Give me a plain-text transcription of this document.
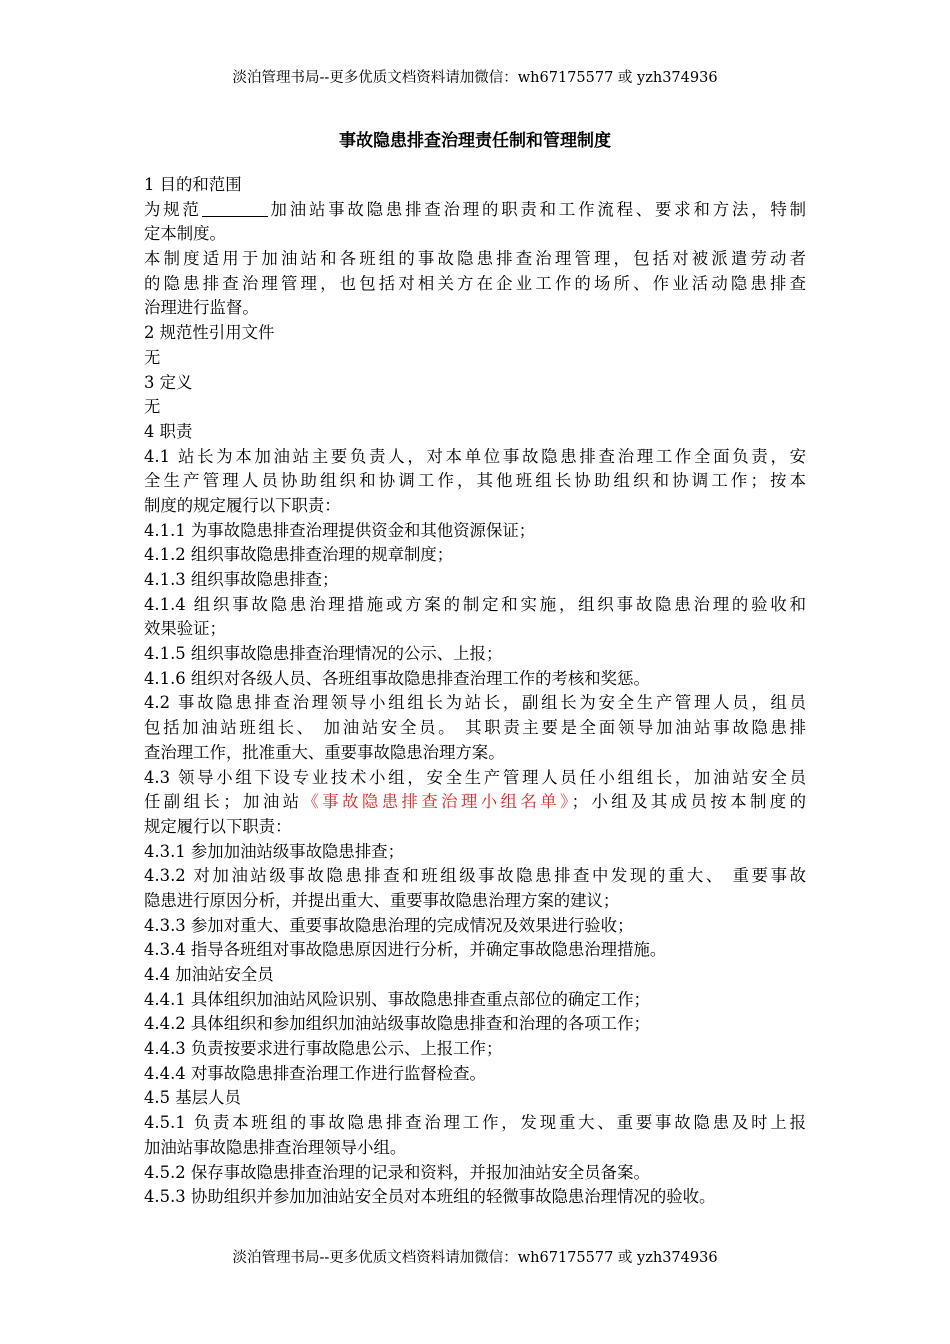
淡泊管理书局--更多优质文档资料请加微信：wh67175577 或 yzh374936
事故隐患排查治理责任制和管理制度
1 目的和范围
为规范	加油站事故隐患排查治理的职责和工作流程、要求和方法，特制
定本制度。
本制度适用于加油站和各班组的事故隐患排查治理管理，包括对被派遣劳动者
的隐患排查治理管理，也包括对相关方在企业工作的场所、作业活动隐患排查
治理进行监督。
2 规范性引用文件
无
3 定义
无
4 职责
4.1 站长为本加油站主要负责人，对本单位事故隐患排查治理工作全面负责，安
全生产管理人员协助组织和协调工作，其他班组长协助组织和协调工作；按本
制度的规定履行以下职责：
4.1.1 为事故隐患排查治理提供资金和其他资源保证；
4.1.2 组织事故隐患排查治理的规章制度；
4.1.3 组织事故隐患排查；
4.1.4 组织事故隐患治理措施或方案的制定和实施，组织事故隐患治理的验收和
效果验证；
4.1.5 组织事故隐患排查治理情况的公示、上报；
4.1.6 组织对各级人员、各班组事故隐患排查治理工作的考核和奖惩。
4.2 事故隐患排查治理领导小组组长为站长，副组长为安全生产管理人员，组员
包括加油站班组长、 加油站安全员。 其职责主要是全面领导加油站事故隐患排
查治理工作，批准重大、重要事故隐患治理方案。
4.3 领导小组下设专业技术小组，安全生产管理人员任小组组长，加油站安全员
任副组长；加油站《事故隐患排查治理小组名单》；小组及其成员按本制度的
规定履行以下职责：
4.3.1 参加加油站级事故隐患排查；
4.3.2 对加油站级事故隐患排查和班组级事故隐患排查中发现的重大、 重要事故
隐患进行原因分析，并提出重大、重要事故隐患治理方案的建议；
4.3.3 参加对重大、重要事故隐患治理的完成情况及效果进行验收；
4.3.4 指导各班组对事故隐患原因进行分析，并确定事故隐患治理措施。
4.4 加油站安全员
4.4.1 具体组织加油站风险识别、事故隐患排查重点部位的确定工作；
4.4.2 具体组织和参加组织加油站级事故隐患排查和治理的各项工作；
4.4.3 负责按要求进行事故隐患公示、上报工作；
4.4.4 对事故隐患排查治理工作进行监督检查。
4.5 基层人员
4.5.1 负责本班组的事故隐患排查治理工作，发现重大、重要事故隐患及时上报
加油站事故隐患排查治理领导小组。
4.5.2 保存事故隐患排查治理的记录和资料，并报加油站安全员备案。
4.5.3 协助组织并参加加油站安全员对本班组的轻微事故隐患治理情况的验收。
淡泊管理书局--更多优质文档资料请加微信：wh67175577 或 yzh374936
